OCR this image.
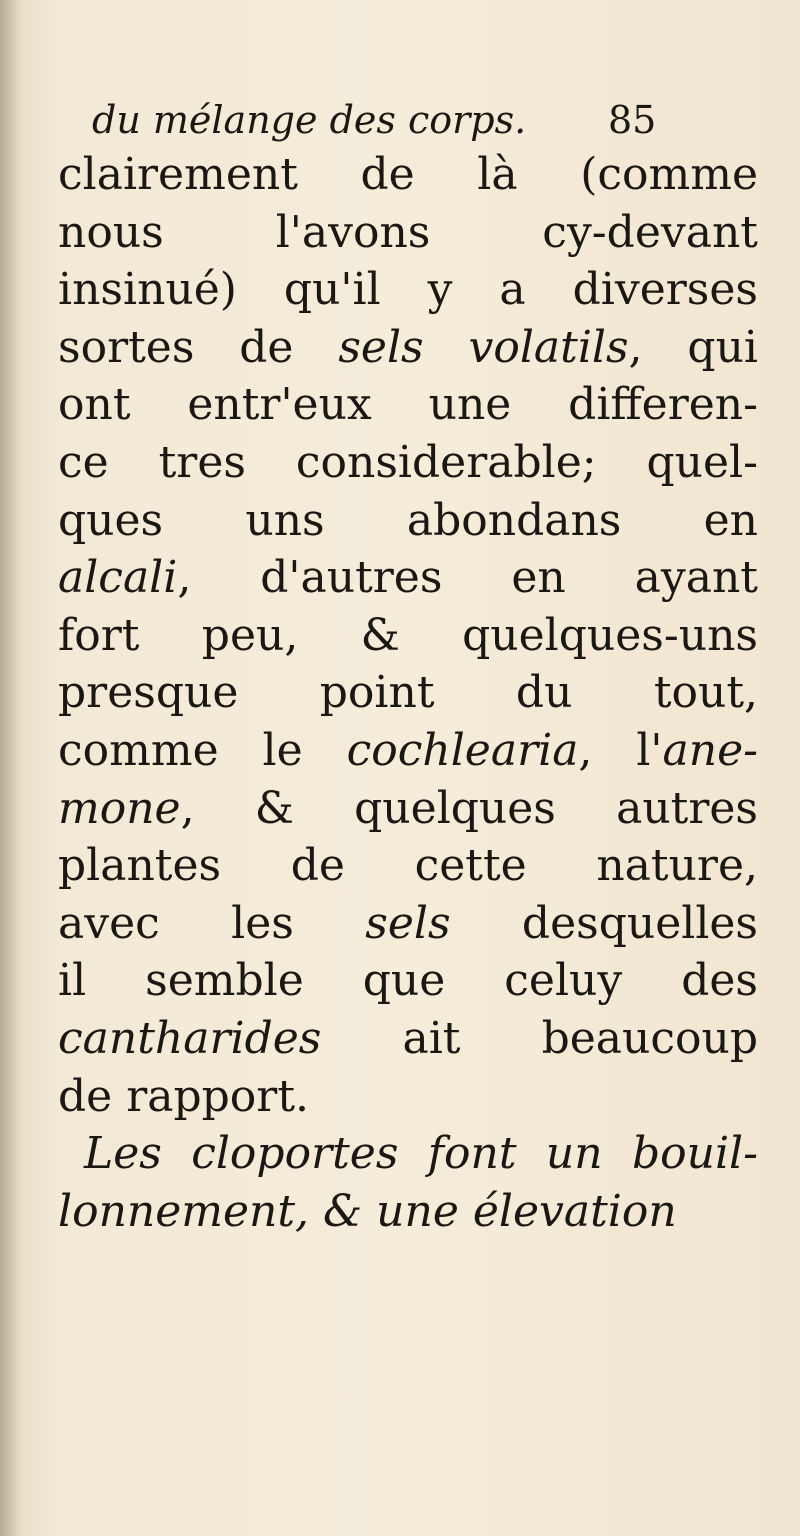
du mélange des corps.	85
clairement de là (comme
nous l'avons cy-devant
insinué) qu'il y a diverses
sortes de sels volatils, qui
ont entr'eux une differen-
ce tres considerable; quel-
ques uns abondans en
alcali, d'autres en ayant
fort peu, & quelques-uns
presque point du tout,
comme le cochlearia, l'ane-
mone, & quelques autres
plantes de cette nature,
avec les sels desquelles
il semble que celuy des
cantharides ait beaucoup
de rapport.
Les cloportes font un bouil-
lonnement, & une élevation
